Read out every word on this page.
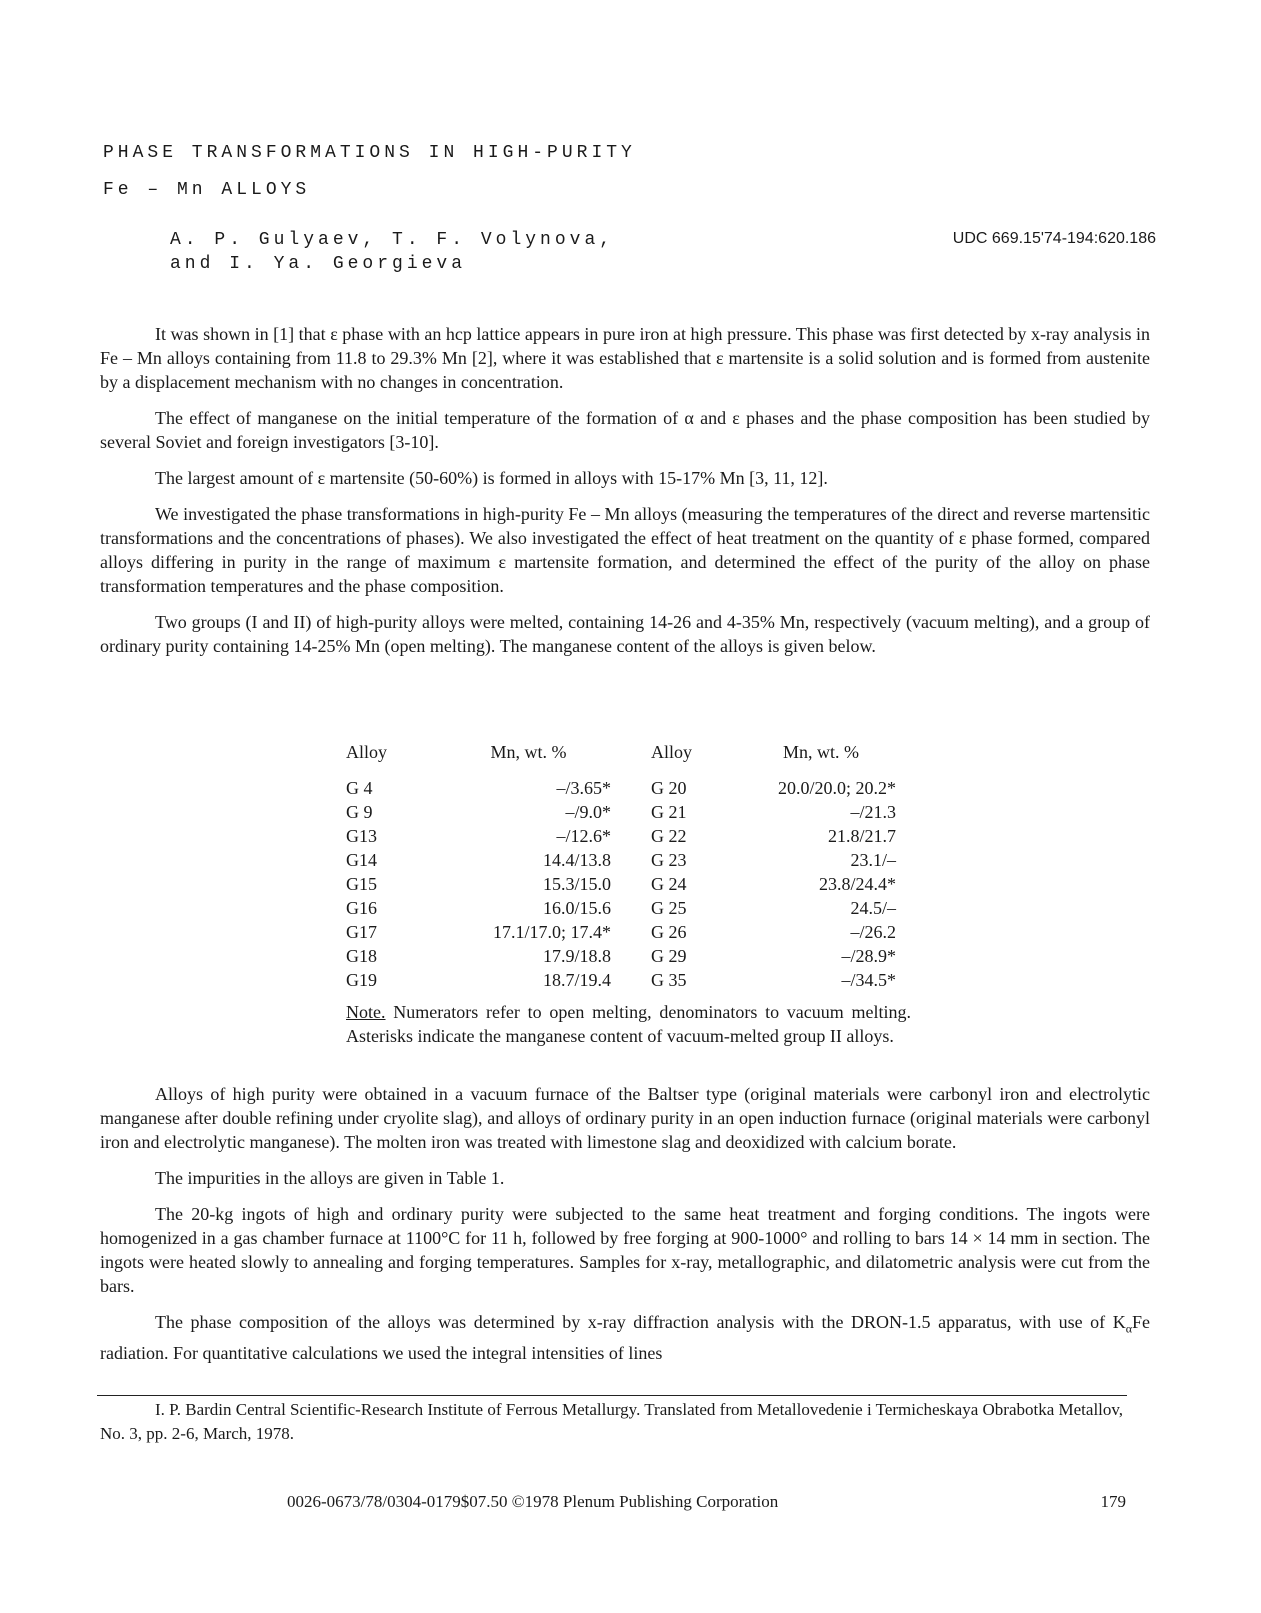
PHASE TRANSFORMATIONS IN HIGH-PURITY
Fe – Mn ALLOYS
A. P. Gulyaev, T. F. Volynova,
and I. Ya. Georgieva
UDC 669.15'74-194:620.186

It was shown in [1] that ε phase with an hcp lattice appears in pure iron at high pressure. This phase was first detected by x-ray analysis in Fe – Mn alloys containing from 11.8 to 29.3% Mn [2], where it was established that ε martensite is a solid solution and is formed from austenite by a displacement mechanism with no changes in concentration.

The effect of manganese on the initial temperature of the formation of α and ε phases and the phase composition has been studied by several Soviet and foreign investigators [3-10].

The largest amount of ε martensite (50-60%) is formed in alloys with 15-17% Mn [3, 11, 12].

We investigated the phase transformations in high-purity Fe – Mn alloys (measuring the temperatures of the direct and reverse martensitic transformations and the concentrations of phases). We also investigated the effect of heat treatment on the quantity of ε phase formed, compared alloys differing in purity in the range of maximum ε martensite formation, and determined the effect of the purity of the alloy on phase transformation temperatures and the phase composition.

Two groups (I and II) of high-purity alloys were melted, containing 14-26 and 4-35% Mn, respectively (vacuum melting), and a group of ordinary purity containing 14-25% Mn (open melting). The manganese content of the alloys is given below.

Alloy	Mn, wt. %	Alloy	Mn, wt. %
G 4	–/3.65*	G 20	20.0/20.0; 20.2*
G 9	–/9.0*	G 21	–/21.3
G13	–/12.6*	G 22	21.8/21.7
G14	14.4/13.8	G 23	23.1/–
G15	15.3/15.0	G 24	23.8/24.4*
G16	16.0/15.6	G 25	24.5/–
G17	17.1/17.0; 17.4*	G 26	–/26.2
G18	17.9/18.8	G 29	–/28.9*
G19	18.7/19.4	G 35	–/34.5*
Note. Numerators refer to open melting, denominators to vacuum melting. Asterisks indicate the manganese content of vacuum-melted group II alloys.

Alloys of high purity were obtained in a vacuum furnace of the Baltser type (original materials were carbonyl iron and electrolytic manganese after double refining under cryolite slag), and alloys of ordinary purity in an open induction furnace (original materials were carbonyl iron and electrolytic manganese). The molten iron was treated with limestone slag and deoxidized with calcium borate.

The impurities in the alloys are given in Table 1.

The 20-kg ingots of high and ordinary purity were subjected to the same heat treatment and forging conditions. The ingots were homogenized in a gas chamber furnace at 1100°C for 11 h, followed by free forging at 900-1000° and rolling to bars 14 × 14 mm in section. The ingots were heated slowly to annealing and forging temperatures. Samples for x-ray, metallographic, and dilatometric analysis were cut from the bars.

The phase composition of the alloys was determined by x-ray diffraction analysis with the DRON-1.5 apparatus, with use of $K_\alpha Fe$ radiation. For quantitative calculations we used the integral intensities of lines

I. P. Bardin Central Scientific-Research Institute of Ferrous Metallurgy. Translated from Metallovedenie i Termicheskaya Obrabotka Metallov, No. 3, pp. 2-6, March, 1978.
0026-0673/78/0304-0179$07.50 ©1978 Plenum Publishing Corporation	179
